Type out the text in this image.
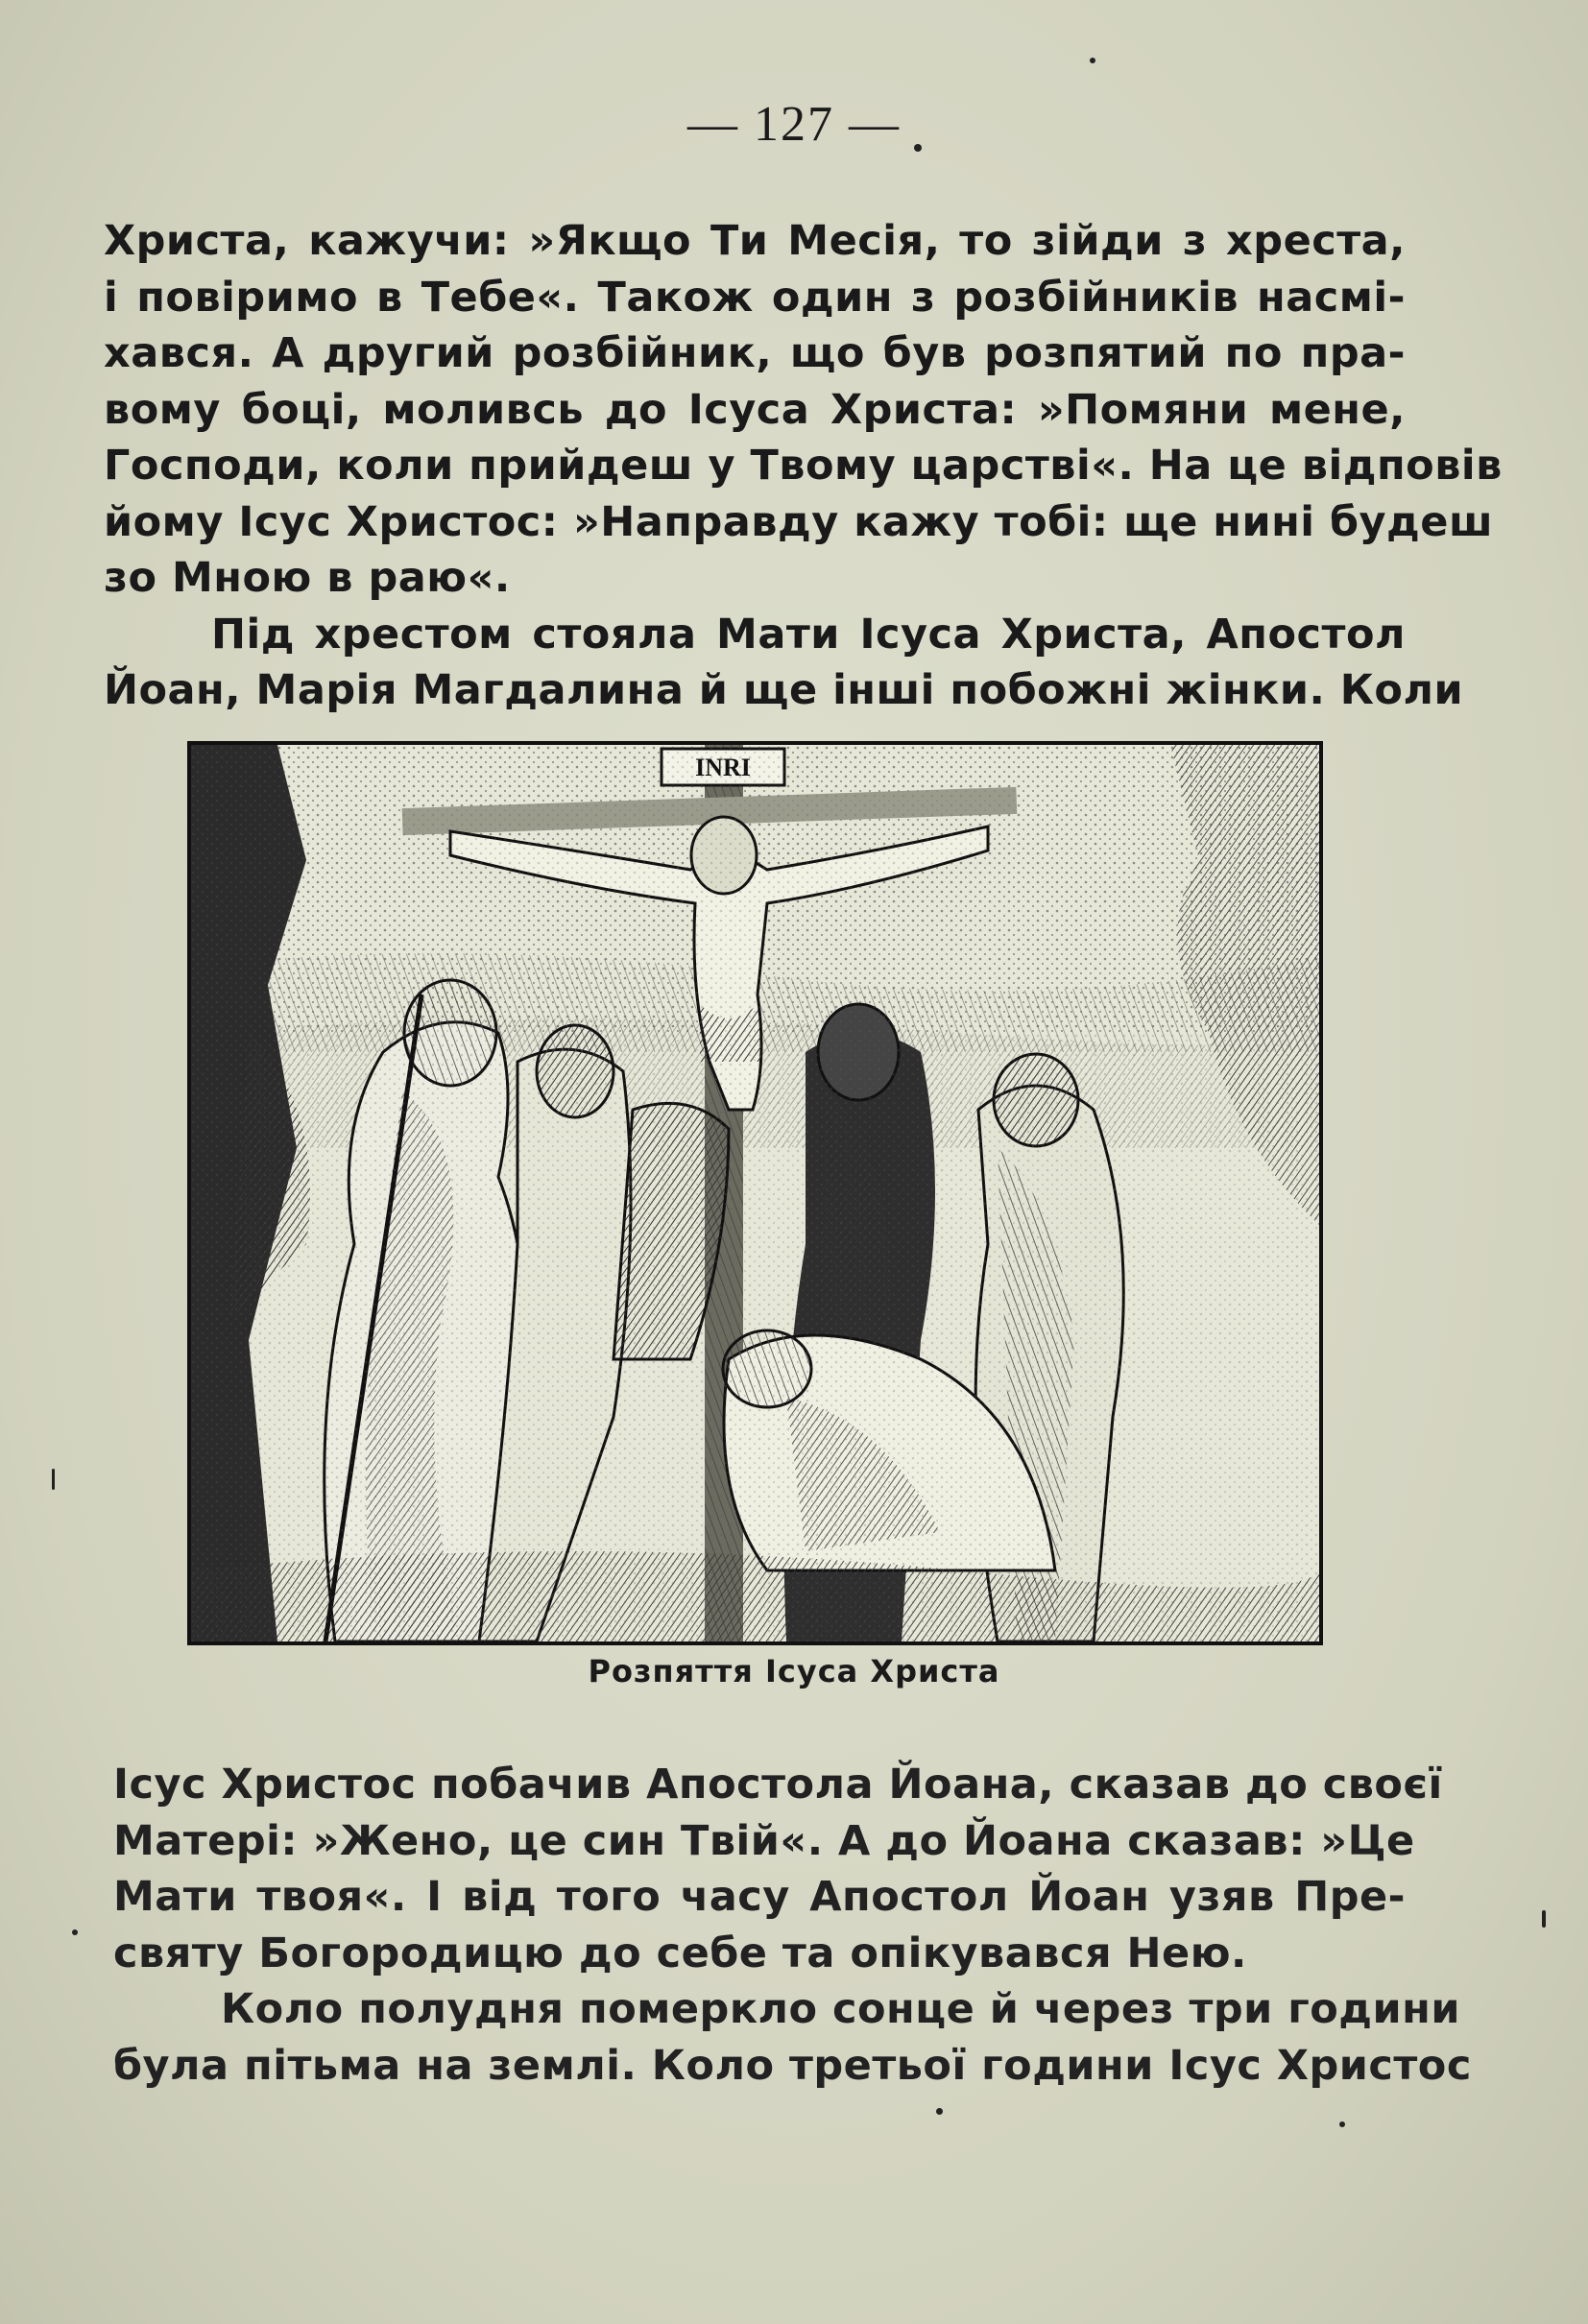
— 127 —
Христа, кажучи: »Якщо Ти Месія, то зійди з хреста,
і повіримо в Тебе«. Також один з розбійників насмі-
хався. А другий розбійник, що був розпятий по пра-
вому боці, моливсь до Ісуса Христа: »Помяни мене,
Господи, коли прийдеш у Твому царстві«. На це відповів
йому Ісус Христос: »Направду кажу тобі: ще нині будеш
зо Мною в раю«.
Під хрестом стояла Мати Ісуса Христа, Апостол
Йоан, Марія Магдалина й ще інші побожні жінки. Коли
INRI
Розпяття Ісуса Христа
Ісус Христос побачив Апостола Йоана, сказав до своєї
Матері: »Жено, це син Твій«. А до Йоана сказав: »Це
Мати твоя«. І від того часу Апостол Йоан узяв Пре-
святу Богородицю до себе та опікувався Нею.
Коло полудня померкло сонце й через три години
була пітьма на землі. Коло третьої години Ісус Христос
